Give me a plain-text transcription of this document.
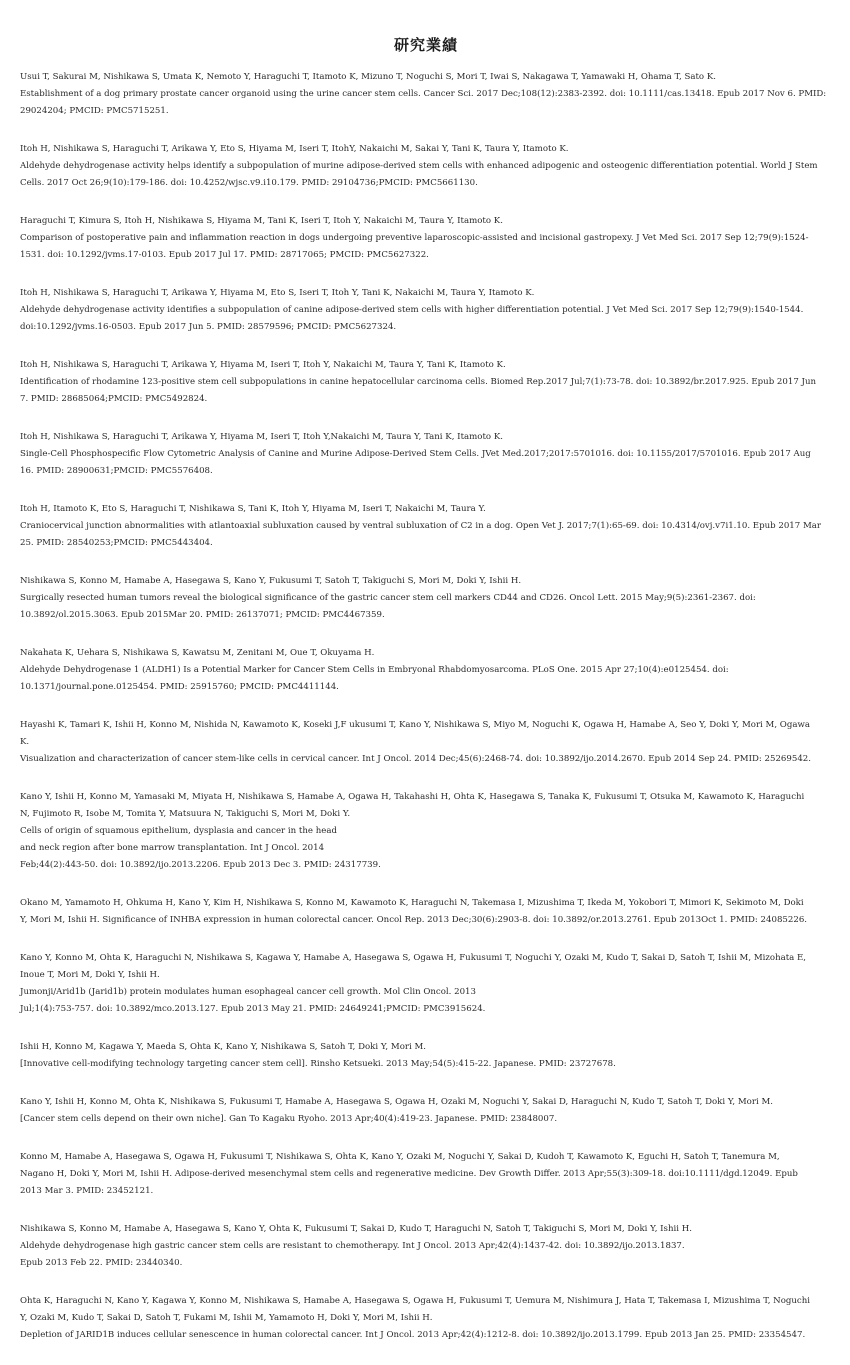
研究業績

Usui T, Sakurai M, Nishikawa S, Umata K, Nemoto Y, Haraguchi T, Itamoto K, Mizuno T, Noguchi S, Mori T, Iwai S, Nakagawa T, Yamawaki H, Ohama T, Sato K.
Establishment of a dog primary prostate cancer organoid using the urine cancer stem cells. Cancer Sci. 2017 Dec;108(12):2383-2392. doi: 10.1111/cas.13418. Epub 2017 Nov 6. PMID:
29024204; PMCID: PMC5715251.

Itoh H, Nishikawa S, Haraguchi T, Arikawa Y, Eto S, Hiyama M, Iseri T, ItohY, Nakaichi M, Sakai Y, Tani K, Taura Y, Itamoto K.
Aldehyde dehydrogenase activity helps identify a subpopulation of murine adipose-derived stem cells with enhanced adipogenic and osteogenic differentiation potential. World J Stem
Cells. 2017 Oct 26;9(10):179-186. doi: 10.4252/wjsc.v9.i10.179. PMID: 29104736;PMCID: PMC5661130.

Haraguchi T, Kimura S, Itoh H, Nishikawa S, Hiyama M, Tani K, Iseri T, Itoh Y, Nakaichi M, Taura Y, Itamoto K.
Comparison of postoperative pain and inflammation reaction in dogs undergoing preventive laparoscopic-assisted and incisional gastropexy. J Vet Med Sci. 2017 Sep 12;79(9):1524-
1531. doi: 10.1292/jvms.17-0103. Epub 2017 Jul 17. PMID: 28717065; PMCID: PMC5627322.

Itoh H, Nishikawa S, Haraguchi T, Arikawa Y, Hiyama M, Eto S, Iseri T, Itoh Y, Tani K, Nakaichi M, Taura Y, Itamoto K.
Aldehyde dehydrogenase activity identifies a subpopulation of canine adipose-derived stem cells with higher differentiation potential. J Vet Med Sci. 2017 Sep 12;79(9):1540-1544.
doi:10.1292/jvms.16-0503. Epub 2017 Jun 5. PMID: 28579596; PMCID: PMC5627324.

Itoh H, Nishikawa S, Haraguchi T, Arikawa Y, Hiyama M, Iseri T, Itoh Y, Nakaichi M, Taura Y, Tani K, Itamoto K.
Identification of rhodamine 123-positive stem cell subpopulations in canine hepatocellular carcinoma cells. Biomed Rep.2017 Jul;7(1):73-78. doi: 10.3892/br.2017.925. Epub 2017 Jun
7. PMID: 28685064;PMCID: PMC5492824.

Itoh H, Nishikawa S, Haraguchi T, Arikawa Y, Hiyama M, Iseri T, Itoh Y,Nakaichi M, Taura Y, Tani K, Itamoto K.
Single-Cell Phosphospecific Flow Cytometric Analysis of Canine and Murine Adipose-Derived Stem Cells. JVet Med.2017;2017:5701016. doi: 10.1155/2017/5701016. Epub 2017 Aug
16. PMID: 28900631;PMCID: PMC5576408.

Itoh H, Itamoto K, Eto S, Haraguchi T, Nishikawa S, Tani K, Itoh Y, Hiyama M, Iseri T, Nakaichi M, Taura Y.
Craniocervical junction abnormalities with atlantoaxial subluxation caused by ventral subluxation of C2 in a dog. Open Vet J. 2017;7(1):65-69. doi: 10.4314/ovj.v7i1.10. Epub 2017 Mar
25. PMID: 28540253;PMCID: PMC5443404.

Nishikawa S, Konno M, Hamabe A, Hasegawa S, Kano Y, Fukusumi T, Satoh T, Takiguchi S, Mori M, Doki Y, Ishii H.
Surgically resected human tumors reveal the biological significance of the gastric cancer stem cell markers CD44 and CD26. Oncol Lett. 2015 May;9(5):2361-2367. doi:
10.3892/ol.2015.3063. Epub 2015Mar 20. PMID: 26137071; PMCID: PMC4467359.

Nakahata K, Uehara S, Nishikawa S, Kawatsu M, Zenitani M, Oue T, Okuyama H.
Aldehyde Dehydrogenase 1 (ALDH1) Is a Potential Marker for Cancer Stem Cells in Embryonal Rhabdomyosarcoma. PLoS One. 2015 Apr 27;10(4):e0125454. doi:
10.1371/journal.pone.0125454. PMID: 25915760; PMCID: PMC4411144.

Hayashi K, Tamari K, Ishii H, Konno M, Nishida N, Kawamoto K, Koseki J,F ukusumi T, Kano Y, Nishikawa S, Miyo M, Noguchi K, Ogawa H, Hamabe A, Seo Y, Doki Y, Mori M, Ogawa
K.
Visualization and characterization of cancer stem-like cells in cervical cancer. Int J Oncol. 2014 Dec;45(6):2468-74. doi: 10.3892/ijo.2014.2670. Epub 2014 Sep 24. PMID: 25269542.

Kano Y, Ishii H, Konno M, Yamasaki M, Miyata H, Nishikawa S, Hamabe A, Ogawa H, Takahashi H, Ohta K, Hasegawa S, Tanaka K, Fukusumi T, Otsuka M, Kawamoto K, Haraguchi
N, Fujimoto R, Isobe M, Tomita Y, Matsuura N, Takiguchi S, Mori M, Doki Y.
Cells of origin of squamous epithelium, dysplasia and cancer in the head
and neck region after bone marrow transplantation. Int J Oncol. 2014
Feb;44(2):443-50. doi: 10.3892/ijo.2013.2206. Epub 2013 Dec 3. PMID: 24317739.

Okano M, Yamamoto H, Ohkuma H, Kano Y, Kim H, Nishikawa S, Konno M, Kawamoto K, Haraguchi N, Takemasa I, Mizushima T, Ikeda M, Yokobori T, Mimori K, Sekimoto M, Doki
Y, Mori M, Ishii H. Significance of INHBA expression in human colorectal cancer. Oncol Rep. 2013 Dec;30(6):2903-8. doi: 10.3892/or.2013.2761. Epub 2013Oct 1. PMID: 24085226.

Kano Y, Konno M, Ohta K, Haraguchi N, Nishikawa S, Kagawa Y, Hamabe A, Hasegawa S, Ogawa H, Fukusumi T, Noguchi Y, Ozaki M, Kudo T, Sakai D, Satoh T, Ishii M, Mizohata E,
Inoue T, Mori M, Doki Y, Ishii H.
Jumonji/Arid1b (Jarid1b) protein modulates human esophageal cancer cell growth. Mol Clin Oncol. 2013
Jul;1(4):753-757. doi: 10.3892/mco.2013.127. Epub 2013 May 21. PMID: 24649241;PMCID: PMC3915624.

Ishii H, Konno M, Kagawa Y, Maeda S, Ohta K, Kano Y, Nishikawa S, Satoh T, Doki Y, Mori M.
[Innovative cell-modifying technology targeting cancer stem cell]. Rinsho Ketsueki. 2013 May;54(5):415-22. Japanese. PMID: 23727678.

Kano Y, Ishii H, Konno M, Ohta K, Nishikawa S, Fukusumi T, Hamabe A, Hasegawa S, Ogawa H, Ozaki M, Noguchi Y, Sakai D, Haraguchi N, Kudo T, Satoh T, Doki Y, Mori M.
[Cancer stem cells depend on their own niche]. Gan To Kagaku Ryoho. 2013 Apr;40(4):419-23. Japanese. PMID: 23848007.

Konno M, Hamabe A, Hasegawa S, Ogawa H, Fukusumi T, Nishikawa S, Ohta K, Kano Y, Ozaki M, Noguchi Y, Sakai D, Kudoh T, Kawamoto K, Eguchi H, Satoh T, Tanemura M,
Nagano H, Doki Y, Mori M, Ishii H. Adipose-derived mesenchymal stem cells and regenerative medicine. Dev Growth Differ. 2013 Apr;55(3):309-18. doi:10.1111/dgd.12049. Epub
2013 Mar 3. PMID: 23452121.

Nishikawa S, Konno M, Hamabe A, Hasegawa S, Kano Y, Ohta K, Fukusumi T, Sakai D, Kudo T, Haraguchi N, Satoh T, Takiguchi S, Mori M, Doki Y, Ishii H.
Aldehyde dehydrogenase high gastric cancer stem cells are resistant to chemotherapy. Int J Oncol. 2013 Apr;42(4):1437-42. doi: 10.3892/ijo.2013.1837.
Epub 2013 Feb 22. PMID: 23440340.

Ohta K, Haraguchi N, Kano Y, Kagawa Y, Konno M, Nishikawa S, Hamabe A, Hasegawa S, Ogawa H, Fukusumi T, Uemura M, Nishimura J, Hata T, Takemasa I, Mizushima T, Noguchi
Y, Ozaki M, Kudo T, Sakai D, Satoh T, Fukami M, Ishii M, Yamamoto H, Doki Y, Mori M, Ishii H.
Depletion of JARID1B induces cellular senescence in human colorectal cancer. Int J Oncol. 2013 Apr;42(4):1212-8. doi: 10.3892/ijo.2013.1799. Epub 2013 Jan 25. PMID: 23354547.
